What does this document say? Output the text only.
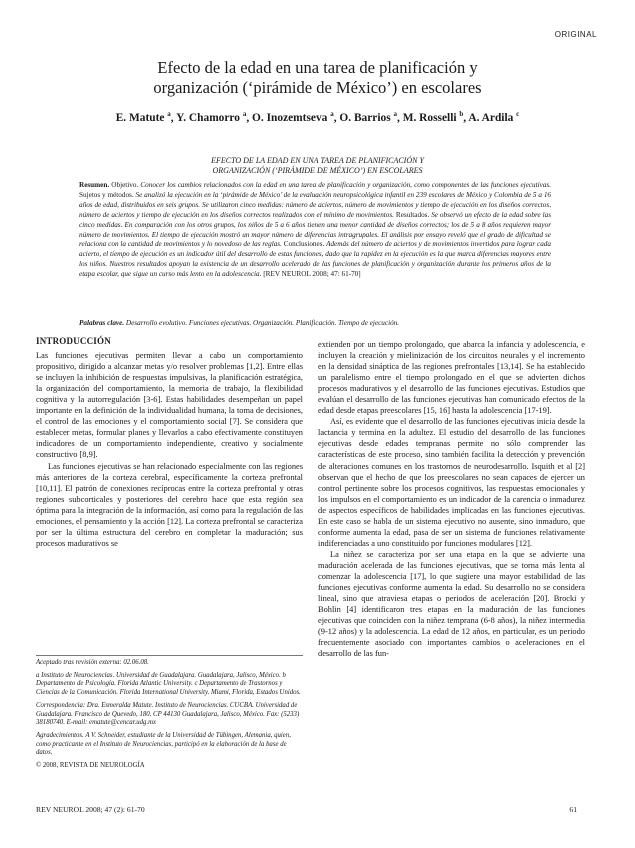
ORIGINAL
Efecto de la edad en una tarea de planificación y
organización (‘pirámide de México’) en escolares
E. Matute $^a$, Y. Chamorro $^a$, O. Inozemtseva $^a$, O. Barrios $^a$, M. Rosselli $^b$, A. Ardila $^c$
EFECTO DE LA EDAD EN UNA TAREA DE PLANIFICACIÓN Y
ORGANIZACIÓN (‘PIRÁMIDE DE MÉXICO’) EN ESCOLARES
Resumen. Objetivo. Conocer los cambios relacionados con la edad en una tarea de planificación y organización, como componentes de las funciones ejecutivas. Sujetos y métodos. Se analizó la ejecución en la ‘pirámide de México’ de la evaluación neuropsicológica infantil en 239 escolares de México y Colombia de 5 a 16 años de edad, distribuidos en seis grupos. Se utilizaron cinco medidas: número de aciertos, número de movimientos y tiempo de ejecución en los diseños correctos, número de aciertos y tiempo de ejecución en los diseños correctos realizados con el mínimo de movimientos. Resultados. Se observó un efecto de la edad sobre las cinco medidas. En comparación con los otros grupos, los niños de 5 a 6 años tienen una menor cantidad de diseños correctos; los de 5 a 8 años requieren mayor número de movimientos. El tiempo de ejecución mostró un mayor número de diferencias intragrupales. El análisis por ensayo reveló que el grado de dificultad se relaciona con la cantidad de movimientos y lo novedoso de las reglas. Conclusiones. Además del número de aciertos y de movimientos invertidos para lograr cada acierto, el tiempo de ejecución es un indicador útil del desarrollo de estas funciones, dado que la rapidez en la ejecución es la que marca diferencias mayores entre los niños. Nuestros resultados apoyan la existencia de un desarrollo acelerado de las funciones de planificación y organización durante los primeros años de la etapa escolar, que sigue un curso más lento en la adolescencia. [REV NEUROL 2008; 47: 61-70]
Palabras clave. Desarrollo evolutivo. Funciones ejecutivas. Organización. Planificación. Tiempo de ejecución.
INTRODUCCIÓN

Las funciones ejecutivas permiten llevar a cabo un comportamiento propositivo, dirigido a alcanzar metas y/o resolver problemas [1,2]. Entre ellas se incluyen la inhibición de respuestas impulsivas, la planificación estratégica, la organización del comportamiento, la memoria de trabajo, la flexibilidad cognitiva y la autorregulación [3-6]. Estas habilidades desempeñan un papel importante en la definición de la individualidad humana, la toma de decisiones, el control de las emociones y el comportamiento social [7]. Se considera que establecer metas, formular planes y llevarlos a cabo efectivamente constituyen indicadores de un comportamiento independiente, creativo y socialmente constructivo [8,9].

Las funciones ejecutivas se han relacionado especialmente con las regiones más anteriores de la corteza cerebral, específicamente la corteza prefrontal [10,11]. El patrón de conexiones recíprocas entre la corteza prefrontal y otras regiones subcorticales y posteriores del cerebro hace que esta región sea óptima para la integración de la información, así como para la regulación de las emociones, el pensamiento y la acción [12]. La corteza prefrontal se caracteriza por ser la última estructura del cerebro en completar la maduración; sus procesos madurativos se

Aceptado tras revisión externa: 02.06.08.

a Instituto de Neurociencias. Universidad de Guadalajara. Guadalajara, Jalisco, México. b Departamento de Psicología. Florida Atlantic University. c Departamento de Trastornos y Ciencias de la Comunicación. Florida International University. Miami, Florida, Estados Unidos.

Correspondencia: Dra. Esmeralda Matute. Instituto de Neurociencias. CUCBA. Universidad de Guadalajara. Francisco de Quevedo, 180. CP 44130 Guadalajara, Jalisco, México. Fax: (5233) 38180740. E-mail: ematute@cencar.udg.mx

Agradecimientos. A V. Schneider, estudiante de la Universidad de Tübingen, Alemania, quien, como practicante en el Instituto de Neurociencias, participó en la elaboración de la base de datos.

© 2008, REVISTA DE NEUROLOGÍA

extienden por un tiempo prolongado, que abarca la infancia y adolescencia, e incluyen la creación y mielinización de los circuitos neurales y el incremento en la densidad sináptica de las regiones prefrontales [13,14]. Se ha establecido un paralelismo entre el tiempo prolongado en el que se advierten dichos procesos madurativos y el desarrollo de las funciones ejecutivas. Estudios que evalúan el desarrollo de las funciones ejecutivas han comunicado efectos de la edad desde etapas preescolares [15, 16] hasta la adolescencia [17-19].

Así, es evidente que el desarrollo de las funciones ejecutivas inicia desde la lactancia y termina en la adultez. El estudio del desarrollo de las funciones ejecutivas desde edades tempranas permite no sólo comprender las características de este proceso, sino también facilita la detección y prevención de alteraciones comunes en los trastornos de neurodesarrollo. Isquith et al [2] observan que el hecho de que los preescolares no sean capaces de ejercer un control pertinente sobre los procesos cognitivos, las respuestas emocionales y los impulsos en el comportamiento es un indicador de la carencia o inmadurez de aspectos específicos de habilidades implicadas en las funciones ejecutivas. En este caso se habla de un sistema ejecutivo no ausente, sino inmaduro, que conforme aumenta la edad, pasa de ser un sistema de funciones relativamente indiferenciadas a uno constituido por funciones modulares [12].

La niñez se caracteriza por ser una etapa en la que se advierte una maduración acelerada de las funciones ejecutivas, que se torna más lenta al comenzar la adolescencia [17], lo que sugiere una mayor estabilidad de las funciones ejecutivas conforme aumenta la edad. Su desarrollo no se considera lineal, sino que atraviesa etapas o periodos de aceleración [20]. Brocki y Bohlin [4] identificaron tres etapas en la maduración de las funciones ejecutivas que coinciden con la niñez temprana (6-8 años), la niñez intermedia (9-12 años) y la adolescencia. La edad de 12 años, en particular, es un periodo frecuentemente asociado con importantes cambios o aceleraciones en el desarrollo de las fun-

REV NEUROL 2008; 47 (2): 61-70	61
